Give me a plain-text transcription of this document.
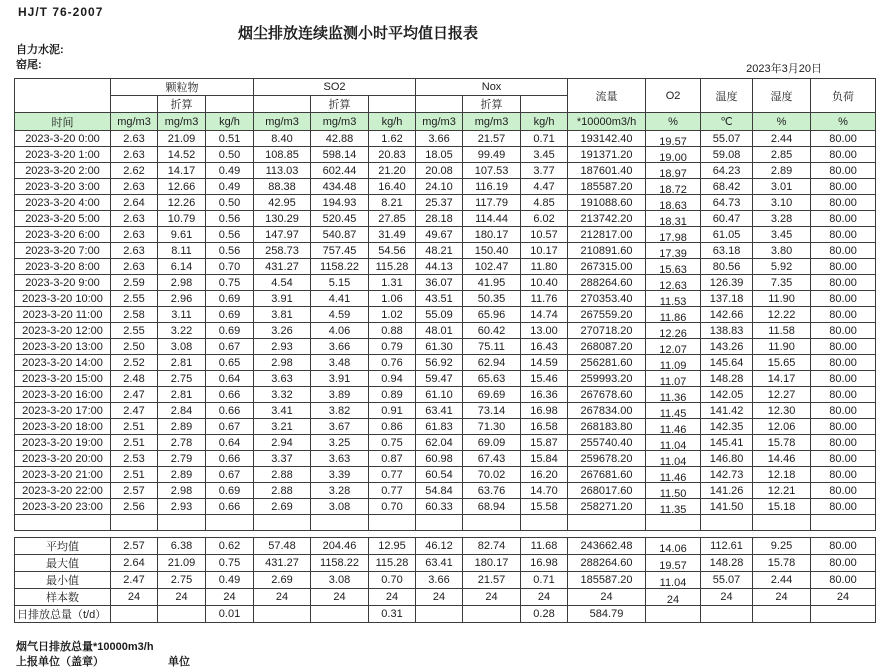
HJ/T 76-2007
烟尘排放连续监测小时平均值日报表
自力水泥:
窑尾:	2023年3月20日
	颗粒物			SO2			Nox			流量	O2	温度	湿度	负荷
		折算			折算			折算						
时间	mg/m3	mg/m3	kg/h	mg/m3	mg/m3	kg/h	mg/m3	mg/m3	kg/h	*10000m3/h	%	℃	%	%
2023-3-20 0:00	2.63	21.09	0.51	8.40	42.88	1.62	3.66	21.57	0.71	193142.40	19.57	55.07	2.44	80.00
2023-3-20 1:00	2.63	14.52	0.50	108.85	598.14	20.83	18.05	99.49	3.45	191371.20	19.00	59.08	2.85	80.00
2023-3-20 2:00	2.62	14.17	0.49	113.03	602.44	21.20	20.08	107.53	3.77	187601.40	18.97	64.23	2.89	80.00
2023-3-20 3:00	2.63	12.66	0.49	88.38	434.48	16.40	24.10	116.19	4.47	185587.20	18.72	68.42	3.01	80.00
2023-3-20 4:00	2.64	12.26	0.50	42.95	194.93	8.21	25.37	117.79	4.85	191088.60	18.63	64.73	3.10	80.00
2023-3-20 5:00	2.63	10.79	0.56	130.29	520.45	27.85	28.18	114.44	6.02	213742.20	18.31	60.47	3.28	80.00
2023-3-20 6:00	2.63	9.61	0.56	147.97	540.87	31.49	49.67	180.17	10.57	212817.00	17.98	61.05	3.45	80.00
2023-3-20 7:00	2.63	8.11	0.56	258.73	757.45	54.56	48.21	150.40	10.17	210891.60	17.39	63.18	3.80	80.00
2023-3-20 8:00	2.63	6.14	0.70	431.27	1158.22	115.28	44.13	102.47	11.80	267315.00	15.63	80.56	5.92	80.00
2023-3-20 9:00	2.59	2.98	0.75	4.54	5.15	1.31	36.07	41.95	10.40	288264.60	12.63	126.39	7.35	80.00
2023-3-20 10:00	2.55	2.96	0.69	3.91	4.41	1.06	43.51	50.35	11.76	270353.40	11.53	137.18	11.90	80.00
2023-3-20 11:00	2.58	3.11	0.69	3.81	4.59	1.02	55.09	65.96	14.74	267559.20	11.86	142.66	12.22	80.00
2023-3-20 12:00	2.55	3.22	0.69	3.26	4.06	0.88	48.01	60.42	13.00	270718.20	12.26	138.83	11.58	80.00
2023-3-20 13:00	2.50	3.08	0.67	2.93	3.66	0.79	61.30	75.11	16.43	268087.20	12.07	143.26	11.90	80.00
2023-3-20 14:00	2.52	2.81	0.65	2.98	3.48	0.76	56.92	62.94	14.59	256281.60	11.09	145.64	15.65	80.00
2023-3-20 15:00	2.48	2.75	0.64	3.63	3.91	0.94	59.47	65.63	15.46	259993.20	11.07	148.28	14.17	80.00
2023-3-20 16:00	2.47	2.81	0.66	3.32	3.89	0.89	61.10	69.69	16.36	267678.60	11.36	142.05	12.27	80.00
2023-3-20 17:00	2.47	2.84	0.66	3.41	3.82	0.91	63.41	73.14	16.98	267834.00	11.45	141.42	12.30	80.00
2023-3-20 18:00	2.51	2.89	0.67	3.21	3.67	0.86	61.83	71.30	16.58	268183.80	11.46	142.35	12.06	80.00
2023-3-20 19:00	2.51	2.78	0.64	2.94	3.25	0.75	62.04	69.09	15.87	255740.40	11.04	145.41	15.78	80.00
2023-3-20 20:00	2.53	2.79	0.66	3.37	3.63	0.87	60.98	67.43	15.84	259678.20	11.04	146.80	14.46	80.00
2023-3-20 21:00	2.51	2.89	0.67	2.88	3.39	0.77	60.54	70.02	16.20	267681.60	11.46	142.73	12.18	80.00
2023-3-20 22:00	2.57	2.98	0.69	2.88	3.28	0.77	54.84	63.76	14.70	268017.60	11.50	141.26	12.21	80.00
2023-3-20 23:00	2.56	2.93	0.66	2.69	3.08	0.70	60.33	68.94	15.58	258271.20	11.35	141.50	15.18	80.00

平均值	2.57	6.38	0.62	57.48	204.46	12.95	46.12	82.74	11.68	243662.48	14.06	112.61	9.25	80.00
最大值	2.64	21.09	0.75	431.27	1158.22	115.28	63.41	180.17	16.98	288264.60	19.57	148.28	15.78	80.00
最小值	2.47	2.75	0.49	2.69	3.08	0.70	3.66	21.57	0.71	185587.20	11.04	55.07	2.44	80.00
样本数	24	24	24	24	24	24	24	24	24	24	24	24	24	24
日排放总量（t/d）			0.01			0.31			0.28	584.79				
烟气日排放总量*10000m3/h
上报单位（盖章）	单位
